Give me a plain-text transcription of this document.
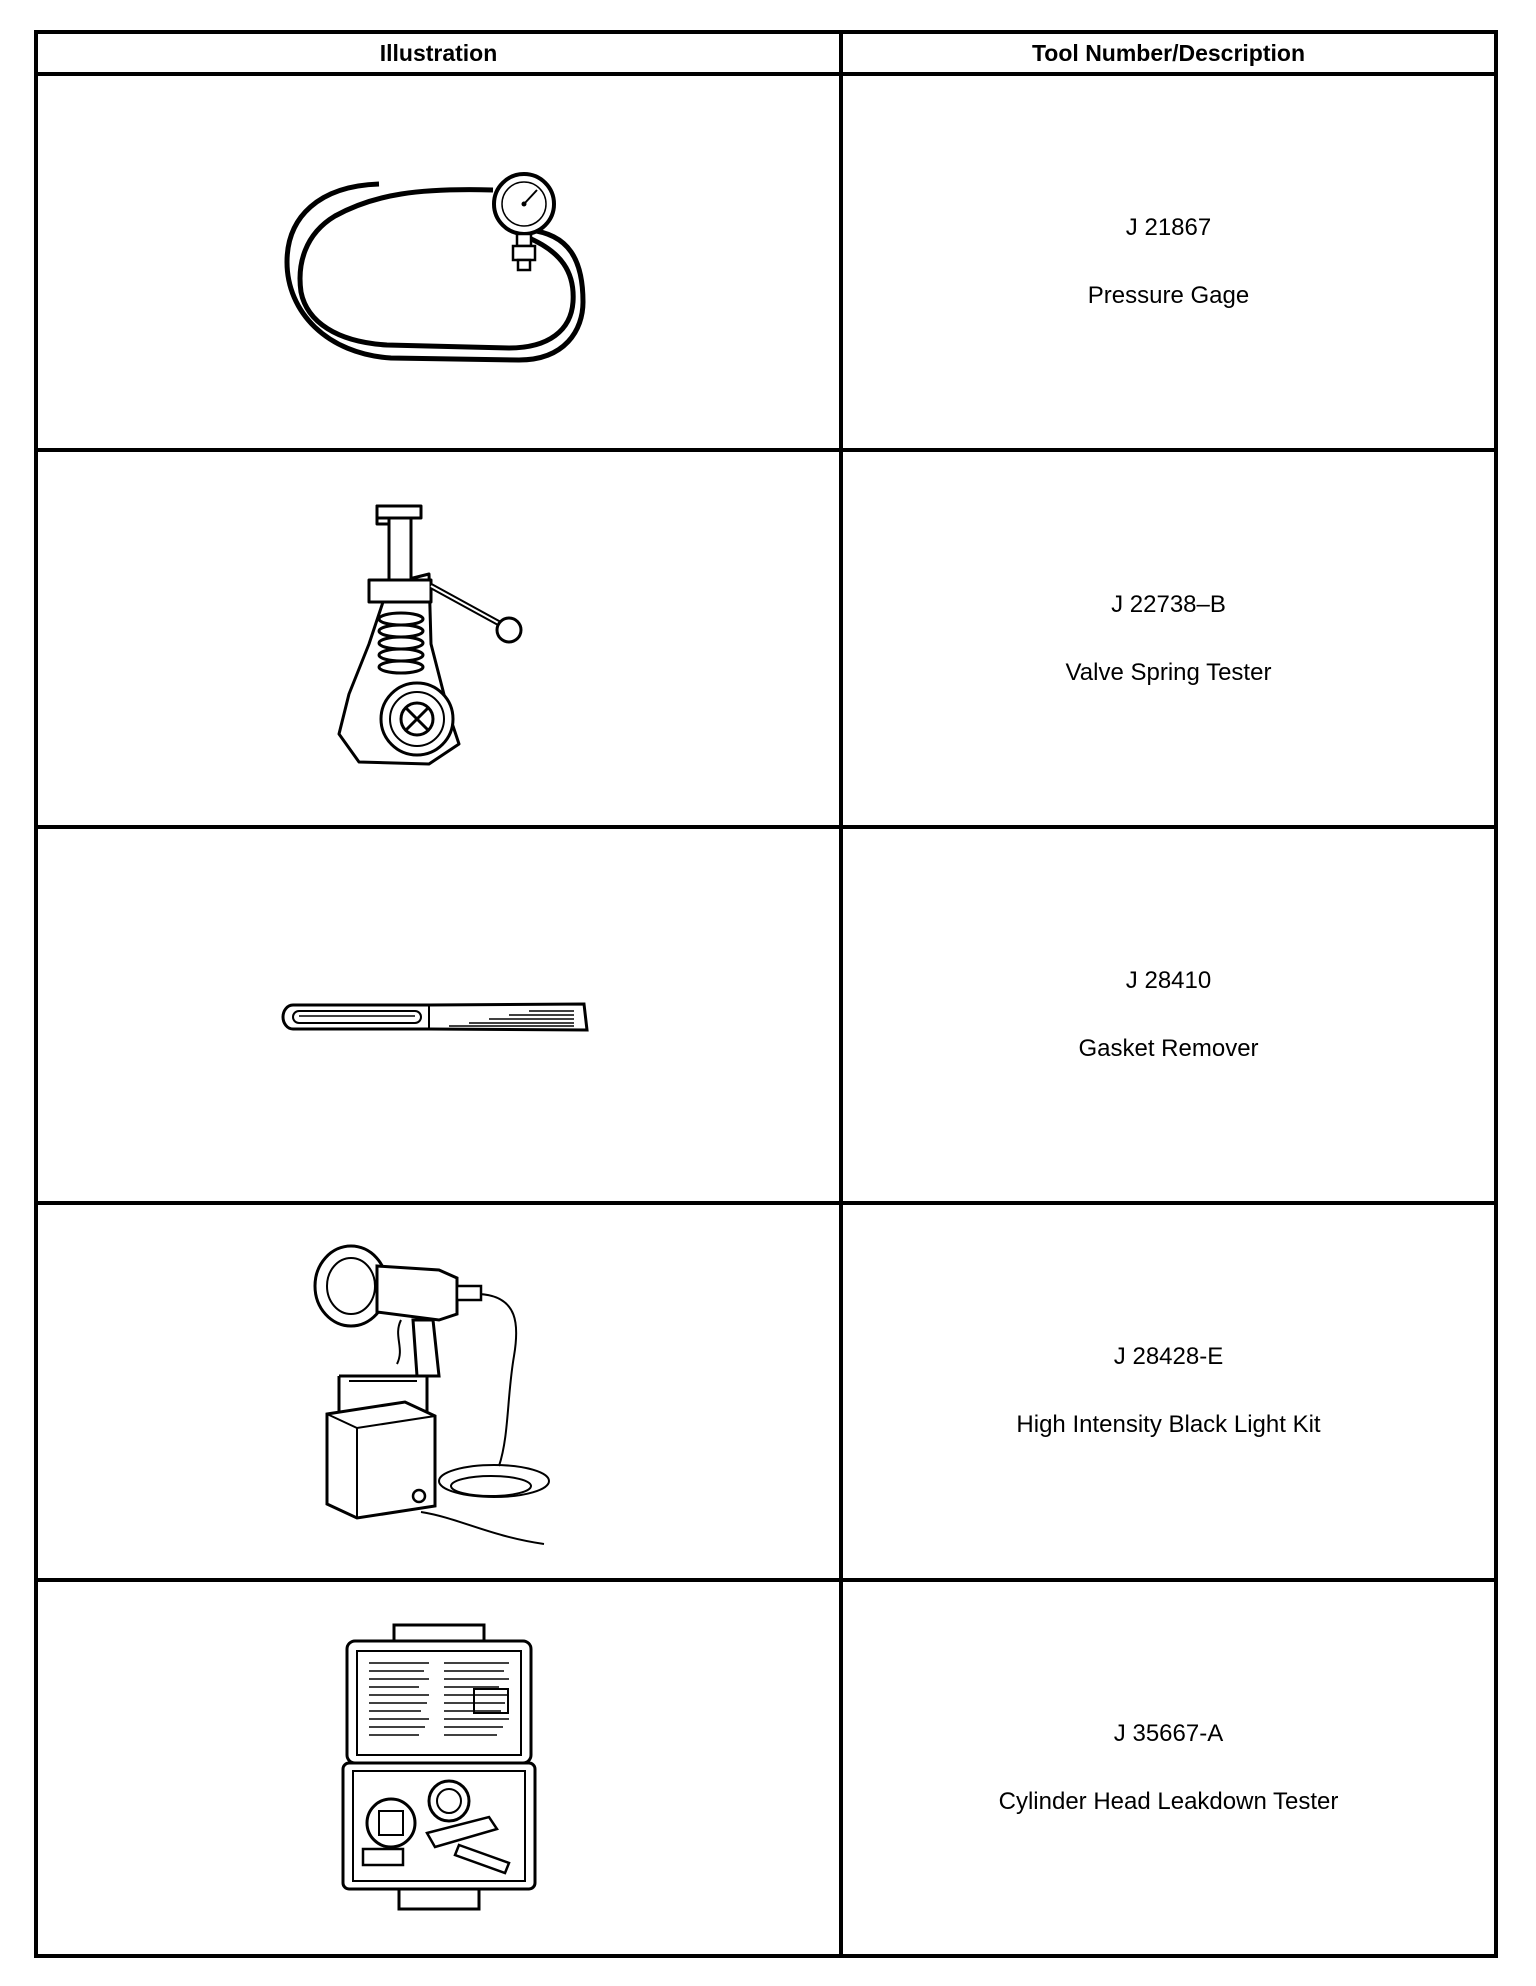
Illustration	Tool Number/Description

J 21867
Pressure Gage

J 22738–B
Valve Spring Tester

J 28410
Gasket Remover

J 28428-E
High Intensity Black Light Kit

J 35667-A
Cylinder Head Leakdown Tester
